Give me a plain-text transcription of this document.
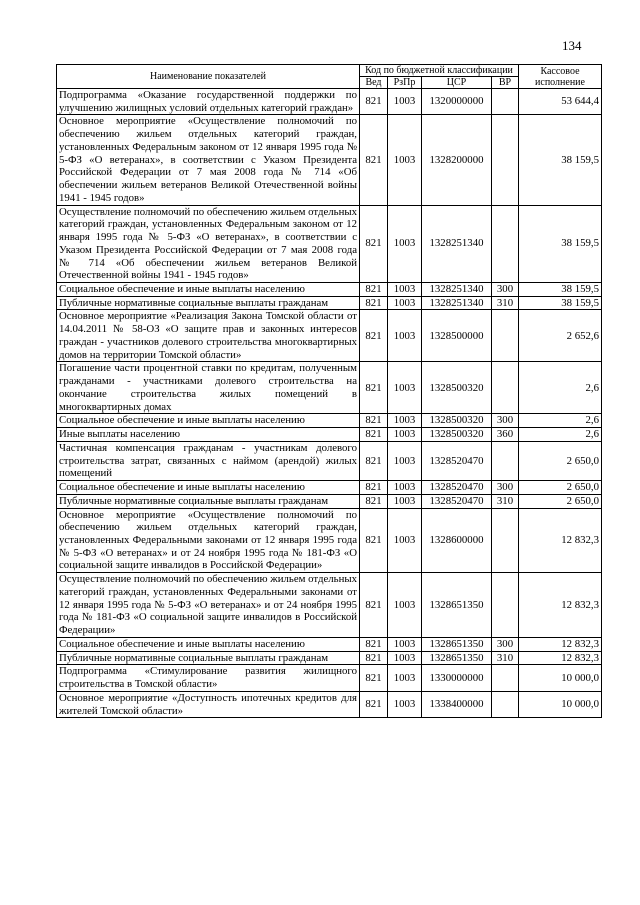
134
Наименование показателей	Код по бюджетной классификации				Кассовое исполнение
	Вед	РзПр	ЦСР	ВР	
Подпрограмма «Оказание государственной поддержки по улучшению жилищных условий отдельных категорий граждан»	821	1003	1320000000		53 644,4
Основное мероприятие «Осуществление полномочий по обеспечению жильем отдельных категорий граждан, установленных Федеральным законом от 12 января 1995 года № 5-ФЗ «О ветеранах», в соответствии с Указом Президента Российской Федерации от 7 мая 2008 года № 714 «Об обеспечении жильем ветеранов Великой Отечественной войны 1941 - 1945 годов»	821	1003	1328200000		38 159,5
Осуществление полномочий по обеспечению жильем отдельных категорий граждан, установленных Федеральным законом от 12 января 1995 года № 5-ФЗ «О ветеранах», в соответствии с Указом Президента Российской Федерации от 7 мая 2008 года № 714 «Об обеспечении жильем ветеранов Великой Отечественной войны 1941 - 1945 годов»	821	1003	1328251340		38 159,5
Социальное обеспечение и иные выплаты населению	821	1003	1328251340	300	38 159,5
Публичные нормативные социальные выплаты гражданам	821	1003	1328251340	310	38 159,5
Основное мероприятие «Реализация Закона Томской области от 14.04.2011 № 58-ОЗ «О защите прав и законных интересов граждан - участников долевого строительства многоквартирных домов на территории Томской области»	821	1003	1328500000		2 652,6
Погашение части процентной ставки по кредитам, полученным гражданами - участниками долевого строительства на окончание строительства жилых помещений в многоквартирных домах	821	1003	1328500320		2,6
Социальное обеспечение и иные выплаты населению	821	1003	1328500320	300	2,6
Иные выплаты населению	821	1003	1328500320	360	2,6
Частичная компенсация гражданам - участникам долевого строительства затрат, связанных с наймом (арендой) жилых помещений	821	1003	1328520470		2 650,0
Социальное обеспечение и иные выплаты населению	821	1003	1328520470	300	2 650,0
Публичные нормативные социальные выплаты гражданам	821	1003	1328520470	310	2 650,0
Основное мероприятие «Осуществление полномочий по обеспечению жильем отдельных категорий граждан, установленных Федеральными законами от 12 января 1995 года № 5-ФЗ «О ветеранах» и от 24 ноября 1995 года № 181-ФЗ «О социальной защите инвалидов в Российской Федерации»	821	1003	1328600000		12 832,3
Осуществление полномочий по обеспечению жильем отдельных категорий граждан, установленных Федеральными законами от 12 января 1995 года № 5-ФЗ «О ветеранах» и от 24 ноября 1995 года № 181-ФЗ «О социальной защите инвалидов в Российской Федерации»	821	1003	1328651350		12 832,3
Социальное обеспечение и иные выплаты населению	821	1003	1328651350	300	12 832,3
Публичные нормативные социальные выплаты гражданам	821	1003	1328651350	310	12 832,3
Подпрограмма «Стимулирование развития жилищного строительства в Томской области»	821	1003	1330000000		10 000,0
Основное мероприятие «Доступность ипотечных кредитов для жителей Томской области»	821	1003	1338400000		10 000,0
